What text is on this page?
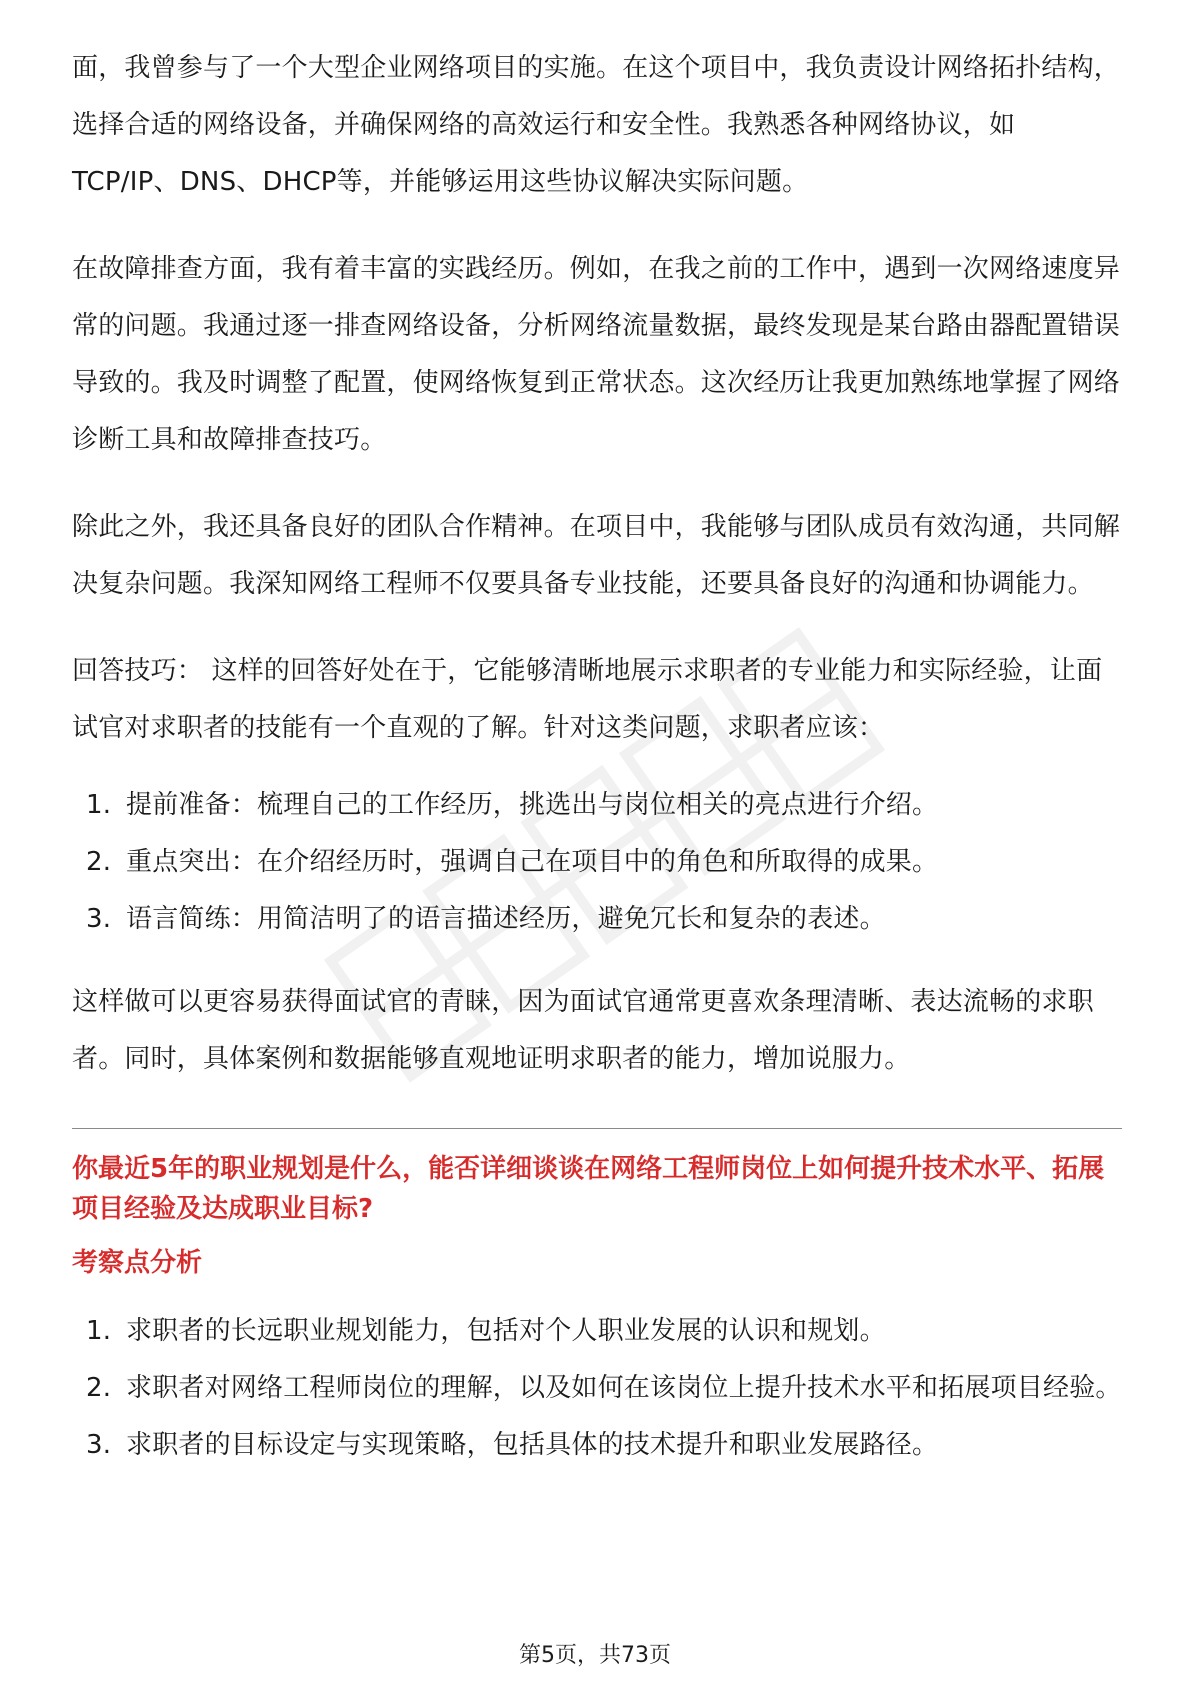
面，我曾参与了一个大型企业网络项目的实施。在这个项目中，我负责设计网络拓扑结构，选择合适的网络设备，并确保网络的高效运行和安全性。我熟悉各种网络协议，如TCP/IP、DNS、DHCP等，并能够运用这些协议解决实际问题。

在故障排查方面，我有着丰富的实践经历。例如，在我之前的工作中，遇到一次网络速度异常的问题。我通过逐一排查网络设备，分析网络流量数据，最终发现是某台路由器配置错误导致的。我及时调整了配置，使网络恢复到正常状态。这次经历让我更加熟练地掌握了网络诊断工具和故障排查技巧。

除此之外，我还具备良好的团队合作精神。在项目中，我能够与团队成员有效沟通，共同解决复杂问题。我深知网络工程师不仅要具备专业技能，还要具备良好的沟通和协调能力。

回答技巧： 这样的回答好处在于，它能够清晰地展示求职者的专业能力和实际经验，让面试官对求职者的技能有一个直观的了解。针对这类问题，求职者应该：

1. 提前准备：梳理自己的工作经历，挑选出与岗位相关的亮点进行介绍。
2. 重点突出：在介绍经历时，强调自己在项目中的角色和所取得的成果。
3. 语言简练：用简洁明了的语言描述经历，避免冗长和复杂的表述。

这样做可以更容易获得面试官的青睐，因为面试官通常更喜欢条理清晰、表达流畅的求职者。同时，具体案例和数据能够直观地证明求职者的能力，增加说服力。

你最近5年的职业规划是什么，能否详细谈谈在网络工程师岗位上如何提升技术水平、拓展项目经验及达成职业目标?
考察点分析
1. 求职者的长远职业规划能力，包括对个人职业发展的认识和规划。
2. 求职者对网络工程师岗位的理解，以及如何在该岗位上提升技术水平和拓展项目经验。
3. 求职者的目标设定与实现策略，包括具体的技术提升和职业发展路径。
第5页，共73页
